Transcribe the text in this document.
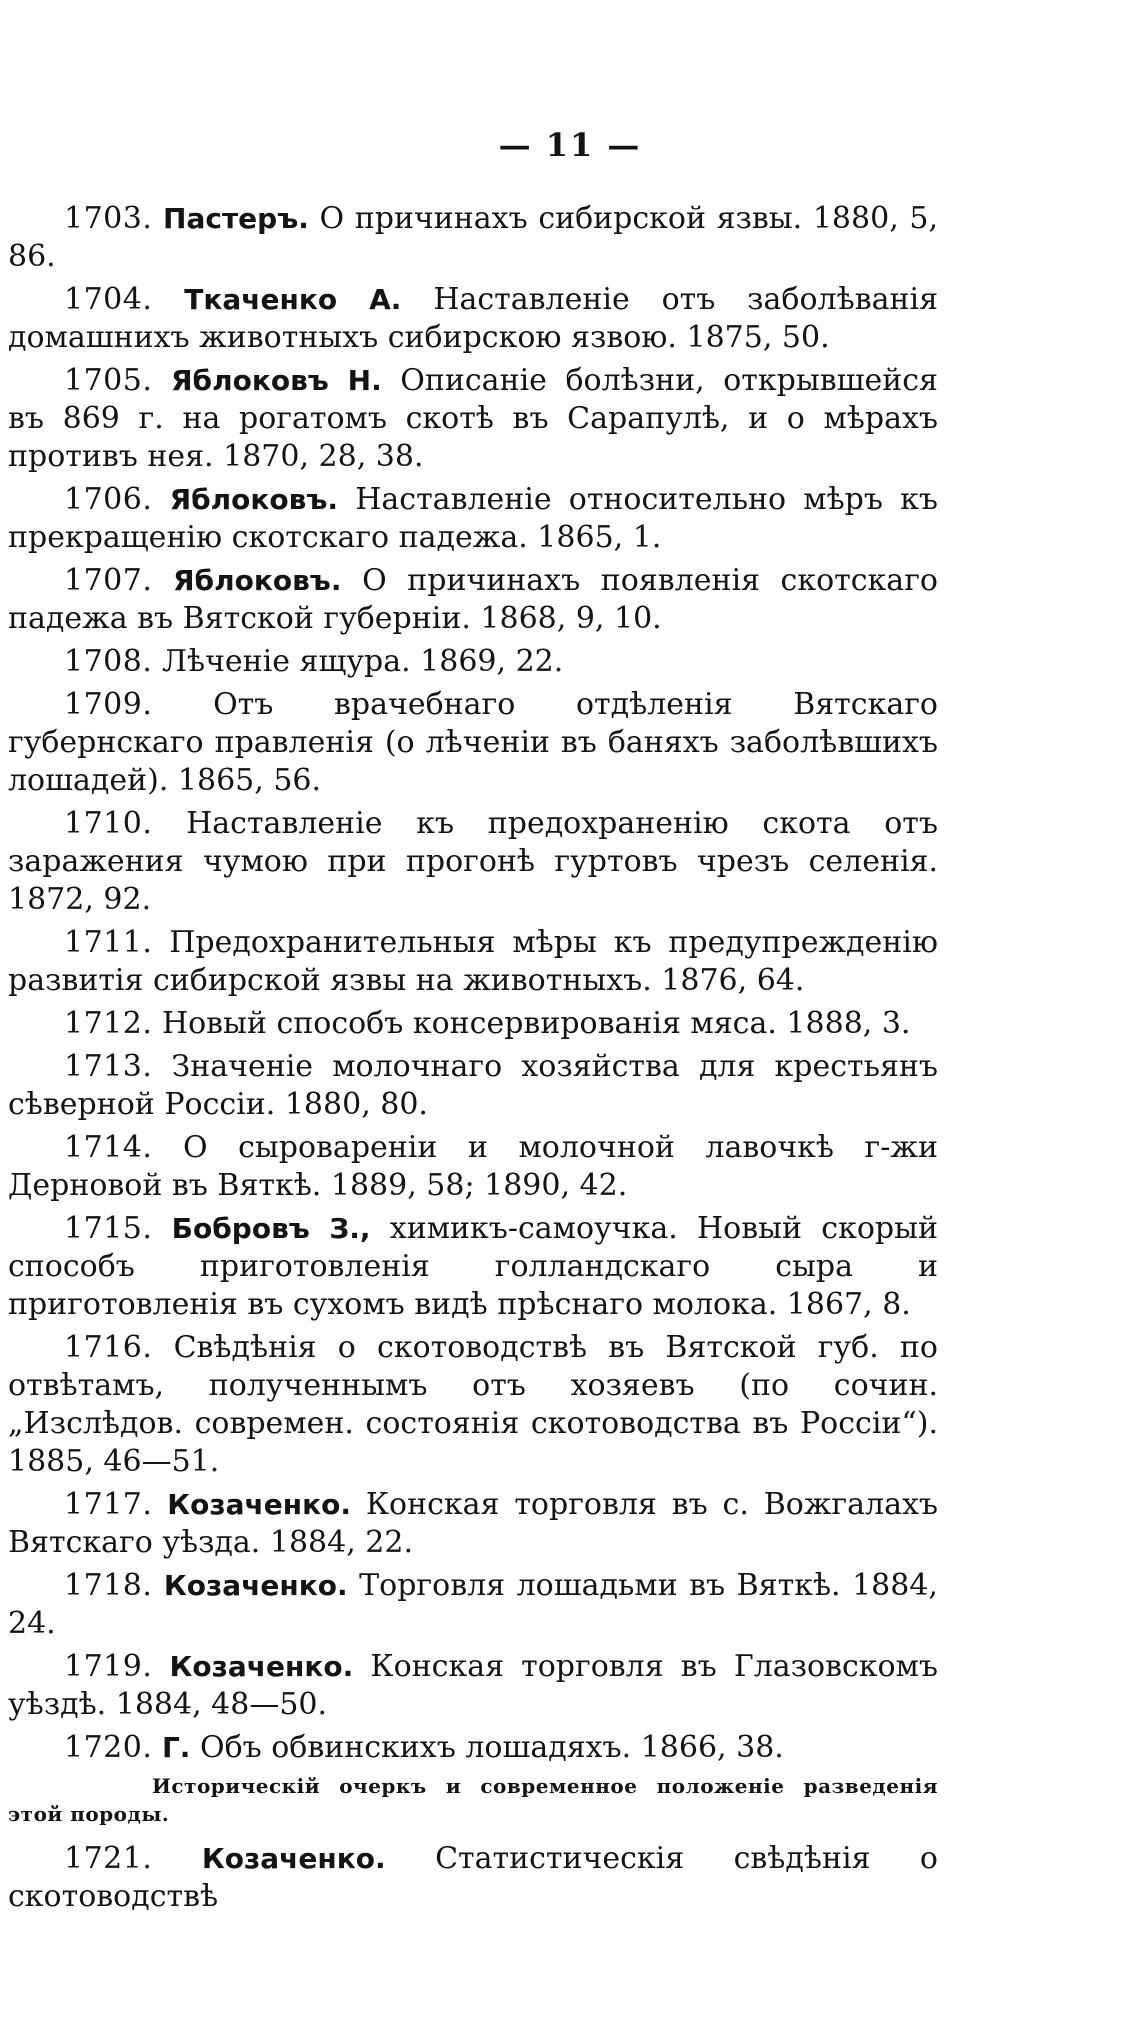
— 11 —

1703. Пастеръ. О причинахъ сибирской язвы. 1880, 5, 86.

1704. Ткаченко А. Наставленіе отъ заболѣванія домашнихъ животныхъ сибирскою язвою. 1875, 50.

1705. Яблоковъ Н. Описаніе болѣзни, открывшейся въ 869 г. на рогатомъ скотѣ въ Сарапулѣ, и о мѣрахъ противъ нея. 1870, 28, 38.

1706. Яблоковъ. Наставленіе относительно мѣръ къ прекращенію скотскаго падежа. 1865, 1.

1707. Яблоковъ. О причинахъ появленія скотскаго падежа въ Вятской губерніи. 1868, 9, 10.

1708. Лѣченіе ящура. 1869, 22.

1709. Отъ врачебнаго отдѣленія Вятскаго губернскаго правленія (о лѣченіи въ баняхъ заболѣвшихъ лошадей). 1865, 56.

1710. Наставленіе къ предохраненію скота отъ заражения чумою при прогонѣ гуртовъ чрезъ селенія. 1872, 92.

1711. Предохранительныя мѣры къ предупрежденію развитія сибирской язвы на животныхъ. 1876, 64.

1712. Новый способъ консервированія мяса. 1888, 3.

1713. Значеніе молочнаго хозяйства для крестьянъ сѣверной Россіи. 1880, 80.

1714. О сыровареніи и молочной лавочкѣ г-жи Дерновой въ Вяткѣ. 1889, 58; 1890, 42.

1715. Бобровъ З., химикъ-самоучка. Новый скорый способъ приготовленія голландскаго сыра и приготовленія въ сухомъ видѣ прѣснаго молока. 1867, 8.

1716. Свѣдѣнія о скотоводствѣ въ Вятской губ. по отвѣтамъ, полученнымъ отъ хозяевъ (по сочин. „Изслѣдов. современ. состоянія скотоводства въ Россіи“). 1885, 46—51.

1717. Козаченко. Конская торговля въ с. Вожгалахъ Вятскаго уѣзда. 1884, 22.

1718. Козаченко. Торговля лошадьми въ Вяткѣ. 1884, 24.

1719. Козаченко. Конская торговля въ Глазовскомъ уѣздѣ. 1884, 48—50.

1720. Г. Объ обвинскихъ лошадяхъ. 1866, 38.

Историческій очеркъ и современное положеніе разведенія этой породы.

1721. Козаченко. Статистическія свѣдѣнія о скотоводствѣ
